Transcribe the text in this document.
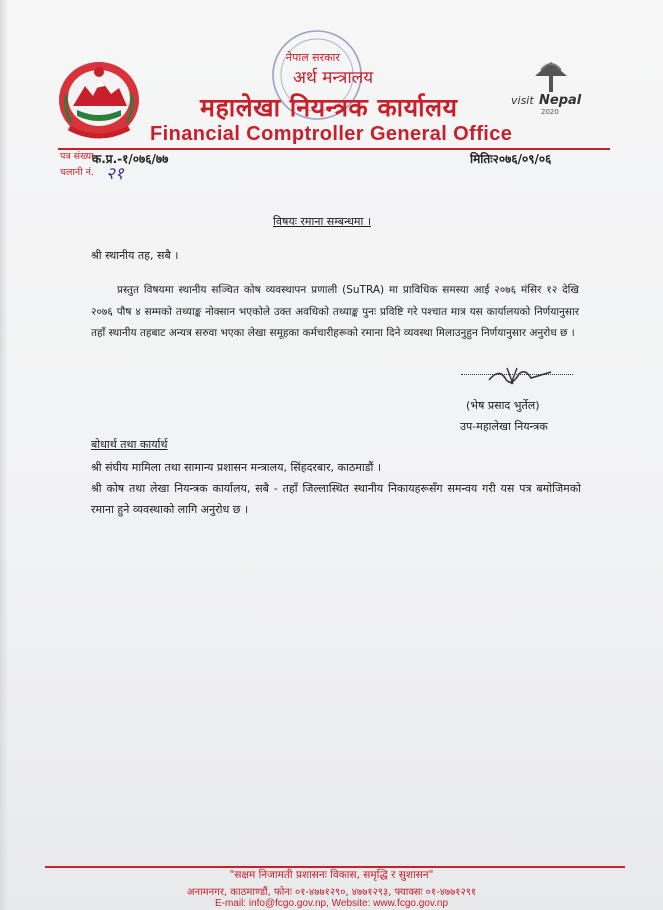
नेपाल सरकार
अर्थ मन्त्रालय
महालेखा नियन्त्रक कार्यालय
Financial Comptroller General Office
visit Nepal
2020
पत्र संख्या
चलानी नं.
क.प्र.-१/०७६/७७
२१
मितिः२०७६/०९/०६
विषयः रमाना सम्बन्धमा ।
श्री स्थानीय तह, सबै ।
प्रस्तुत विषयमा स्थानीय सञ्चित कोष व्यवस्थापन प्रणाली (SuTRA) मा प्राविधिक समस्या आई २०७६ मंसिर १२ देखि २०७६ पौष ४ सम्मको तथ्याङ्क नोक्सान भएकोले उक्त अवधिको तथ्याङ्क पुनः प्रविष्टि गरे पश्चात मात्र यस कार्यालयको निर्णयानुसार तहाँ स्थानीय तहबाट अन्यत्र सरुवा भएका लेखा समूहका कर्मचारीहरूको रमाना दिने व्यवस्था मिलाउनुहुन निर्णयानुसार अनुरोध छ ।
(भेष प्रसाद भुर्तेल)
उप-महालेखा नियन्त्रक
बोधार्थ तथा कार्यार्थ
श्री संघीय मामिला तथा सामान्य प्रशासन मन्त्रालय, सिंहदरबार, काठमाडौं ।
श्री कोष तथा लेखा नियन्त्रक कार्यालय, सबै - तहाँ जिल्लास्थित स्थानीय निकायहरूसँग समन्वय गरी यस पत्र बमोजिमको रमाना हुने व्यवस्थाको लागि अनुरोध छ ।
"सक्षम निजामती प्रशासनः विकास, समृद्धि र सुशासन"
अनामनगर, काठमाण्डौं, फोनः ०१-४७७१२९०, ४७७१२९३, फ्याक्सः ०१-४७७१२९१
E-mail: info@fcgo.gov.np, Website: www.fcgo.gov.np
